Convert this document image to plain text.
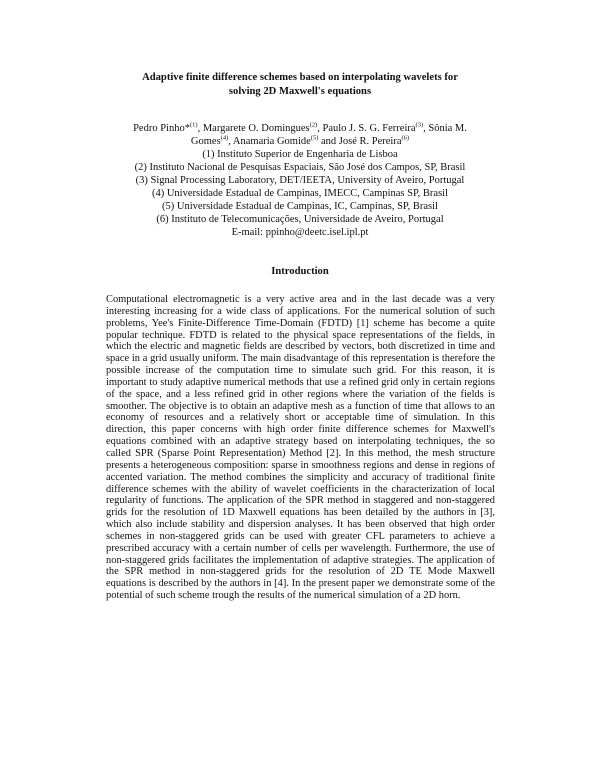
Adaptive finite difference schemes based on interpolating wavelets for
solving 2D Maxwell's equations
Pedro Pinho*$^{(1)}$, Margarete O. Domingues$^{(2)}$, Paulo J. S. G. Ferreira$^{(3)}$, Sônia M.
Gomes$^{(4)}$, Anamaria Gomide$^{(5)}$ and José R. Pereira$^{(6)}$
(1) Instituto Superior de Engenharia de Lisboa
(2) Instituto Nacional de Pesquisas Espaciais, São José dos Campos, SP, Brasil
(3) Signal Processing Laboratory, DET/IEETA, University of Aveiro, Portugal
(4) Universidade Estadual de Campinas, IMECC, Campinas SP, Brasil
(5) Universidade Estadual de Campinas, IC, Campinas, SP, Brasil
(6) Instituto de Telecomunicações, Universidade de Aveiro, Portugal
E-mail: ppinho@deetc.isel.ipl.pt
Introduction
Computational electromagnetic is a very active area and in the last decade was a very interesting increasing for a wide class of applications. For the numerical solution of such problems, Yee's Finite-Difference Time-Domain (FDTD) [1] scheme has become a quite popular technique. FDTD is related to the physical space representations of the fields, in which the electric and magnetic fields are described by vectors, both discretized in time and space in a grid usually uniform. The main disadvantage of this representation is therefore the possible increase of the computation time to simulate such grid. For this reason, it is important to study adaptive numerical methods that use a refined grid only in certain regions of the space, and a less refined grid in other regions where the variation of the fields is smoother. The objective is to obtain an adaptive mesh as a function of time that allows to an economy of resources and a relatively short or acceptable time of simulation. In this direction, this paper concerns with high order finite difference schemes for Maxwell's equations combined with an adaptive strategy based on interpolating techniques, the so called SPR (Sparse Point Representation) Method [2]. In this method, the mesh structure presents a heterogeneous composition: sparse in smoothness regions and dense in regions of accented variation. The method combines the simplicity and accuracy of traditional finite difference schemes with the ability of wavelet coefficients in the characterization of local regularity of functions. The application of the SPR method in staggered and non-staggered grids for the resolution of 1D Maxwell equations has been detailed by the authors in [3], which also include stability and dispersion analyses. It has been observed that high order schemes in non-staggered grids can be used with greater CFL parameters to achieve a prescribed accuracy with a certain number of cells per wavelength. Furthermore, the use of non-staggered grids facilitates the implementation of adaptive strategies. The application of the SPR method in non-staggered grids for the resolution of 2D TE Mode Maxwell equations is described by the authors in [4]. In the present paper we demonstrate some of the potential of such scheme trough the results of the numerical simulation of a 2D horn.
